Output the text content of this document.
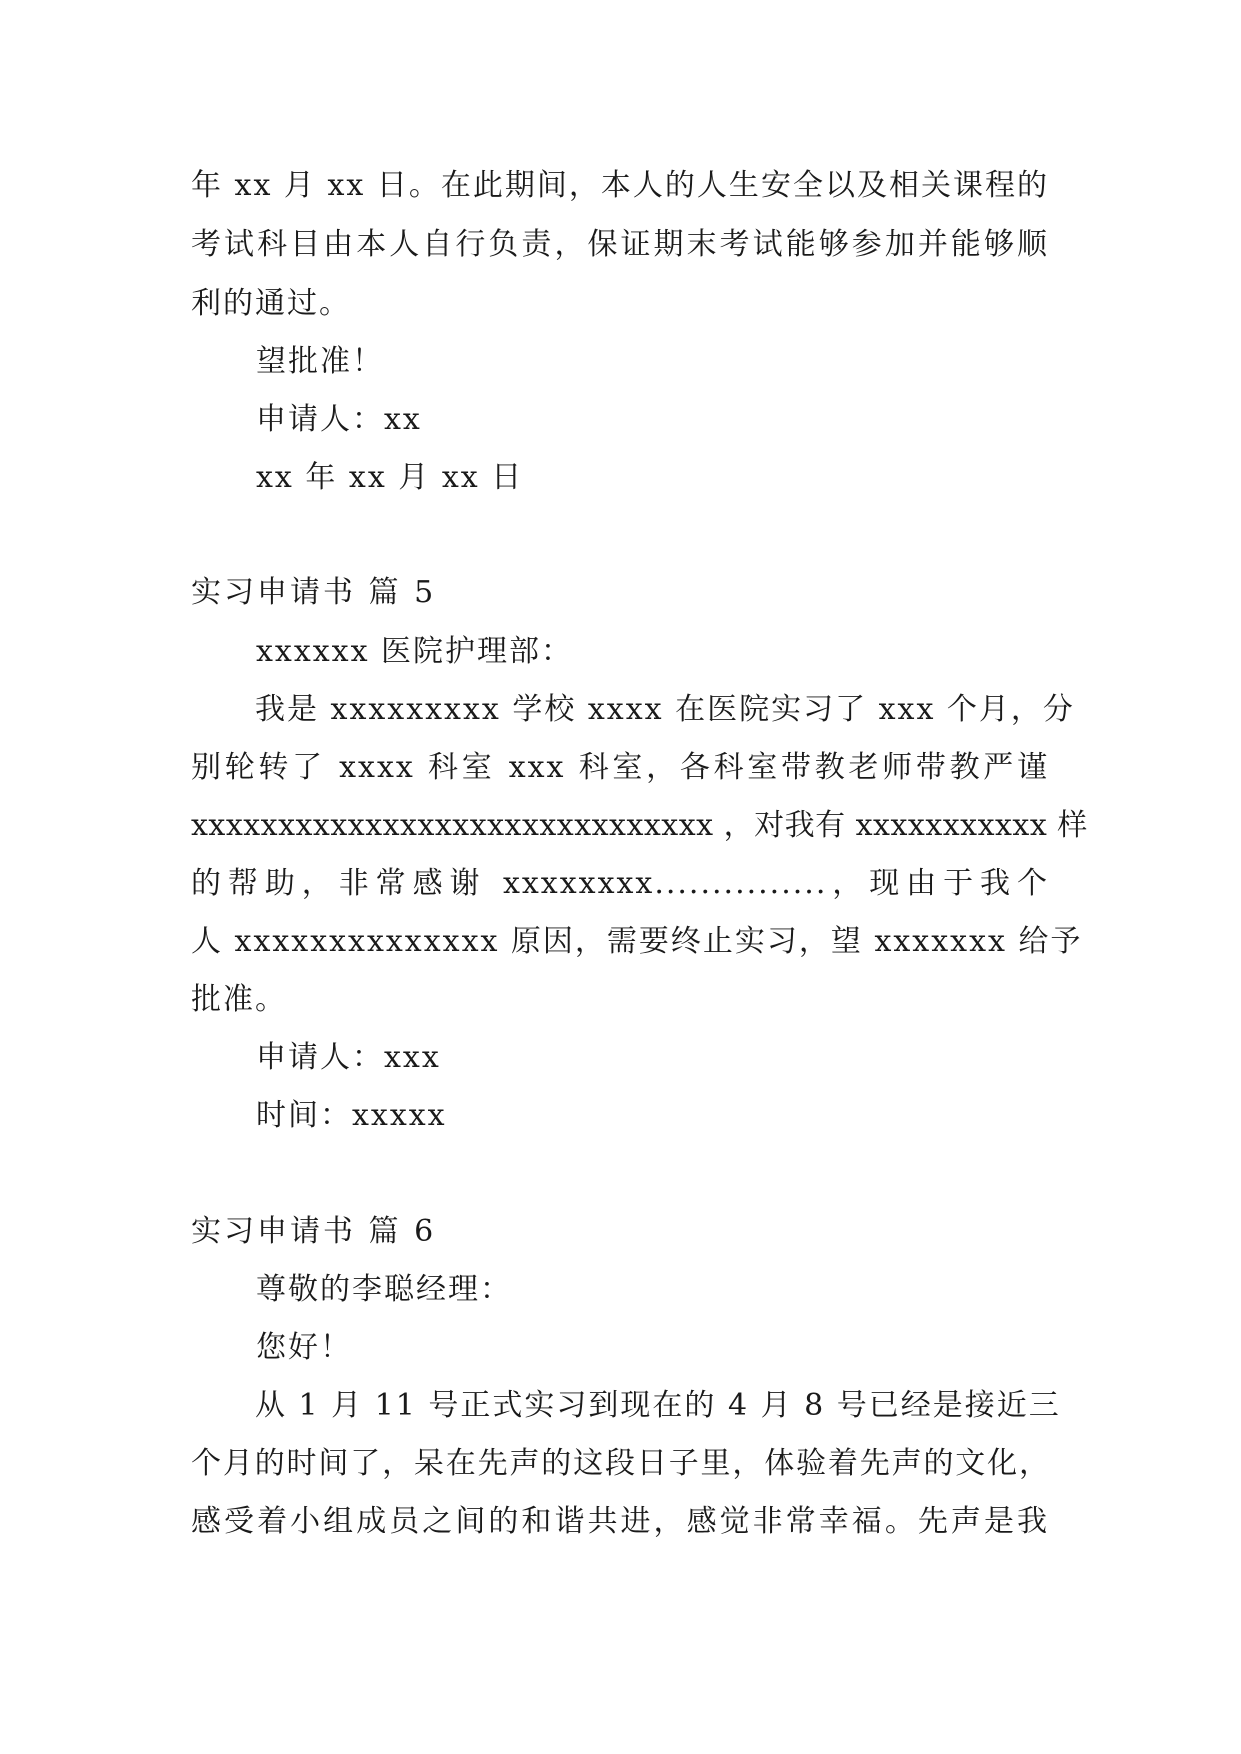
年 xx 月 xx 日。在此期间，本人的人生安全以及相关课程的
考试科目由本人自行负责，保证期末考试能够参加并能够顺
利的通过。
望批准！
申请人：xx
xx 年 xx 月 xx 日
实习申请书 篇 5
xxxxxx 医院护理部：
我是 xxxxxxxxx 学校 xxxx 在医院实习了 xxx 个月，分
别轮转了 xxxx 科室 xxx 科室，各科室带教老师带教严谨
xxxxxxxxxxxxxxxxxxxxxxxxxxxxxx ，对我有 xxxxxxxxxxx 样
的帮助，非常感谢 xxxxxxxx...............，现由于我个
人 xxxxxxxxxxxxxx 原因，需要终止实习，望 xxxxxxx 给予
批准。
申请人：xxx
时间：xxxxx
实习申请书 篇 6
尊敬的李聪经理：
您好！
从 1 月 11 号正式实习到现在的 4 月 8 号已经是接近三
个月的时间了，呆在先声的这段日子里，体验着先声的文化，
感受着小组成员之间的和谐共进，感觉非常幸福。先声是我
